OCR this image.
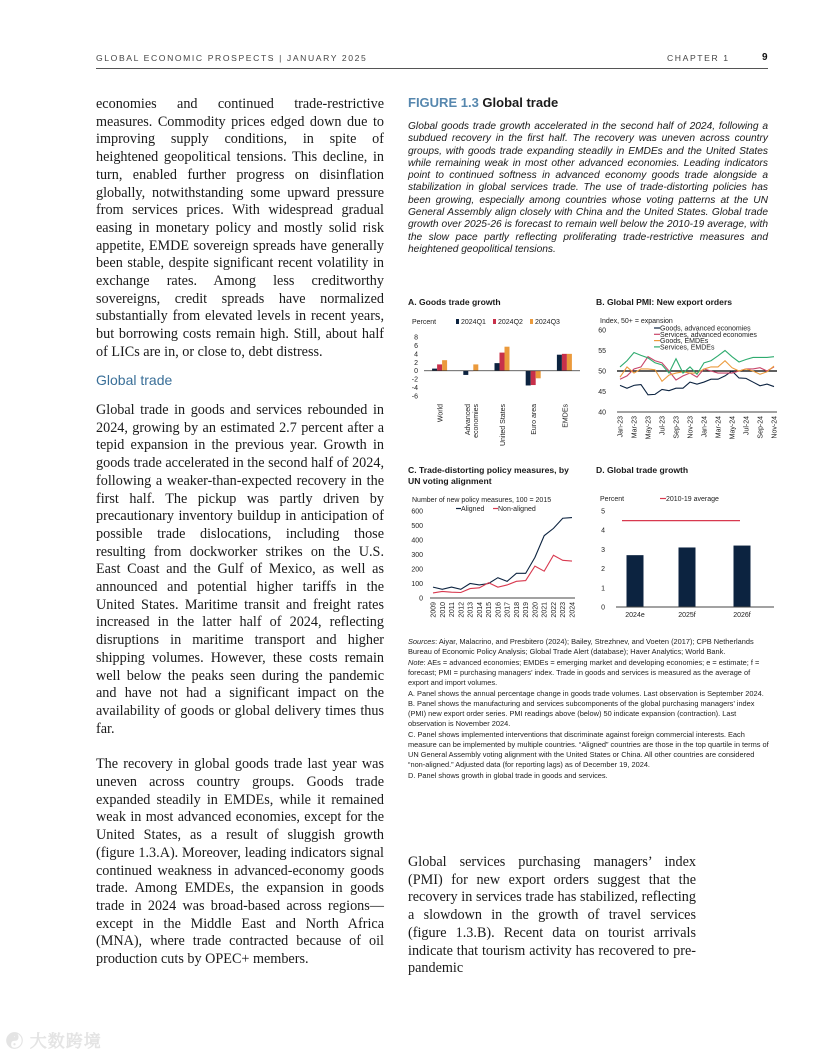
GLOBAL ECONOMIC PROSPECTS | JANUARY 2025	CHAPTER 1	9

economies and continued trade-restrictive measures. Commodity prices edged down due to improving supply conditions, in spite of heightened geopolitical tensions. This decline, in turn, enabled further progress on disinflation globally, notwithstanding some upward pressure from services prices. With widespread gradual easing in monetary policy and mostly solid risk appetite, EMDE sovereign spreads have generally been stable, despite significant recent volatility in exchange rates. Among less creditworthy sovereigns, credit spreads have normalized substantially from elevated levels in recent years, but borrowing costs remain high. Still, about half of LICs are in, or close to, debt distress.

Global trade

Global trade in goods and services rebounded in 2024, growing by an estimated 2.7 percent after a tepid expansion in the previous year. Growth in goods trade accelerated in the second half of 2024, following a weaker-than-expected recovery in the first half. The pickup was partly driven by precautionary inventory buildup in anticipation of possible trade dislocations, including those resulting from dockworker strikes on the U.S. East Coast and the Gulf of Mexico, as well as announced and potential higher tariffs in the United States. Maritime transit and freight rates increased in the latter half of 2024, reflecting disruptions in maritime transport and higher shipping volumes. However, these costs remain well below the peaks seen during the pandemic and have not had a significant impact on the availability of goods or global delivery times thus far.

The recovery in global goods trade last year was uneven across country groups. Goods trade expanded steadily in EMDEs, while it remained weak in most advanced economies, except for the United States, as a result of sluggish growth (figure 1.3.A). Moreover, leading indicators signal continued weakness in advanced-economy goods trade. Among EMDEs, the expansion in goods trade in 2024 was broad-based across regions—except in the Middle East and North Africa (MNA), where trade contracted because of oil production cuts by OPEC+ members.

Global services purchasing managers’ index (PMI) for new export orders suggest that the recovery in services trade has stabilized, reflecting a slowdown in the growth of travel services (figure 1.3.B). Recent data on tourist arrivals indicate that tourism activity has recovered to pre-pandemic

FIGURE 1.3 Global trade
Global goods trade growth accelerated in the second half of 2024, following a subdued recovery in the first half. The recovery was uneven across country groups, with goods trade expanding steadily in EMDEs and the United States while remaining weak in most other advanced economies. Leading indicators point to continued softness in advanced economy goods trade alongside a stabilization in global services trade. The use of trade-distorting policies has been growing, especially among countries whose voting patterns at the UN General Assembly align closely with China and the United States. Global trade growth over 2025-26 is forecast to remain well below the 2010-19 average, with the slow pace partly reflecting proliferating trade-restrictive measures and heightened geopolitical tensions.
A. Goods trade growth	B. Global PMI: New export orders
C. Trade-distorting policy measures, by UN voting alignment
D. Global trade growth
Percent	2024Q1 2024Q2 2024Q3
8
6
4
2
0
-2
-4
-6
World	Advanced economies	United States	Euro area	EMDEs
60
55
50
45
40
Jan-23 Mar-23 May-23 Jul-23 Sep-23 Nov-23 Jan-24 Mar-24 May-24 Jul-24 Sep-24 Nov-24
Index, 50+ = expansion
Goods, advanced economies
Services, advanced economies
Goods, EMDEs
Services, EMDEs
600
500
400
300
200
100
0
2009 2010 2011 2012 2013 2014 2015 2016 2017 2018 2019 2020 2021 2022 2023 2024
Number of new policy measures, 100 = 2015
Aligned Non-aligned
Percent	2010-19 average
5
4
3
2
1
0
2024e	2025f	2026f
Sources: Aiyar, Malacrino, and Presbitero (2024); Bailey, Strezhnev, and Voeten (2017); CPB Netherlands Bureau of Economic Policy Analysis; Global Trade Alert (database); Haver Analytics; World Bank.
Note: AEs = advanced economies; EMDEs = emerging market and developing economies; e = estimate; f = forecast; PMI = purchasing managers’ index. Trade in goods and services is measured as the average of export and import volumes.
A. Panel shows the annual percentage change in goods trade volumes. Last observation is September 2024.
B. Panel shows the manufacturing and services subcomponents of the global purchasing managers’ index (PMI) new export order series. PMI readings above (below) 50 indicate expansion (contraction). Last observation is November 2024.
C. Panel shows implemented interventions that discriminate against foreign commercial interests. Each measure can be implemented by multiple countries. “Aligned” countries are those in the top quartile in terms of UN General Assembly voting alignment with the United States or China. All other countries are considered “non-aligned.” Adjusted data (for reporting lags) as of December 19, 2024.
D. Panel shows growth in global trade in goods and services.
☯ 大数跨境
